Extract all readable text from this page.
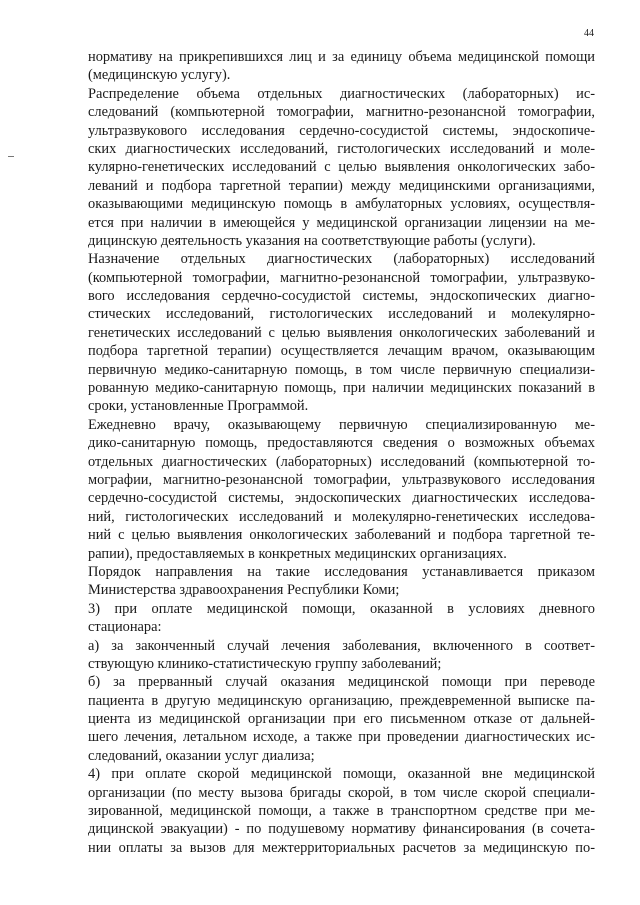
44
нормативу на прикрепившихся лиц и за единицу объема медицинской помощи
(медицинскую услугу).
Распределение объема отдельных диагностических (лабораторных) ис-
следований (компьютерной томографии, магнитно-резонансной томографии,
ультразвукового исследования сердечно-сосудистой системы, эндоскопиче-
ских диагностических исследований, гистологических исследований и моле-
кулярно-генетических исследований с целью выявления онкологических забо-
леваний и подбора таргетной терапии) между медицинскими организациями,
оказывающими медицинскую помощь в амбулаторных условиях, осуществля-
ется при наличии в имеющейся у медицинской организации лицензии на ме-
дицинскую деятельность указания на соответствующие работы (услуги).
Назначение отдельных диагностических (лабораторных) исследований
(компьютерной томографии, магнитно-резонансной томографии, ультразвуко-
вого исследования сердечно-сосудистой системы, эндоскопических диагно-
стических исследований, гистологических исследований и молекулярно-
генетических исследований с целью выявления онкологических заболеваний и
подбора таргетной терапии) осуществляется лечащим врачом, оказывающим
первичную медико-санитарную помощь, в том числе первичную специализи-
рованную медико-санитарную помощь, при наличии медицинских показаний в
сроки, установленные Программой.
Ежедневно врачу, оказывающему первичную специализированную ме-
дико-санитарную помощь, предоставляются сведения о возможных объемах
отдельных диагностических (лабораторных) исследований (компьютерной то-
мографии, магнитно-резонансной томографии, ультразвукового исследования
сердечно-сосудистой системы, эндоскопических диагностических исследова-
ний, гистологических исследований и молекулярно-генетических исследова-
ний с целью выявления онкологических заболеваний и подбора таргетной те-
рапии), предоставляемых в конкретных медицинских организациях.
Порядок направления на такие исследования устанавливается приказом
Министерства здравоохранения Республики Коми;
3) при оплате медицинской помощи, оказанной в условиях дневного
стационара:
а) за законченный случай лечения заболевания, включенного в соответ-
ствующую клинико-статистическую группу заболеваний;
б) за прерванный случай оказания медицинской помощи при переводе
пациента в другую медицинскую организацию, преждевременной выписке па-
циента из медицинской организации при его письменном отказе от дальней-
шего лечения, летальном исходе, а также при проведении диагностических ис-
следований, оказании услуг диализа;
4) при оплате скорой медицинской помощи, оказанной вне медицинской
организации (по месту вызова бригады скорой, в том числе скорой специали-
зированной, медицинской помощи, а также в транспортном средстве при ме-
дицинской эвакуации) - по подушевому нормативу финансирования (в сочета-
нии оплаты за вызов для межтерриториальных расчетов за медицинскую по-
